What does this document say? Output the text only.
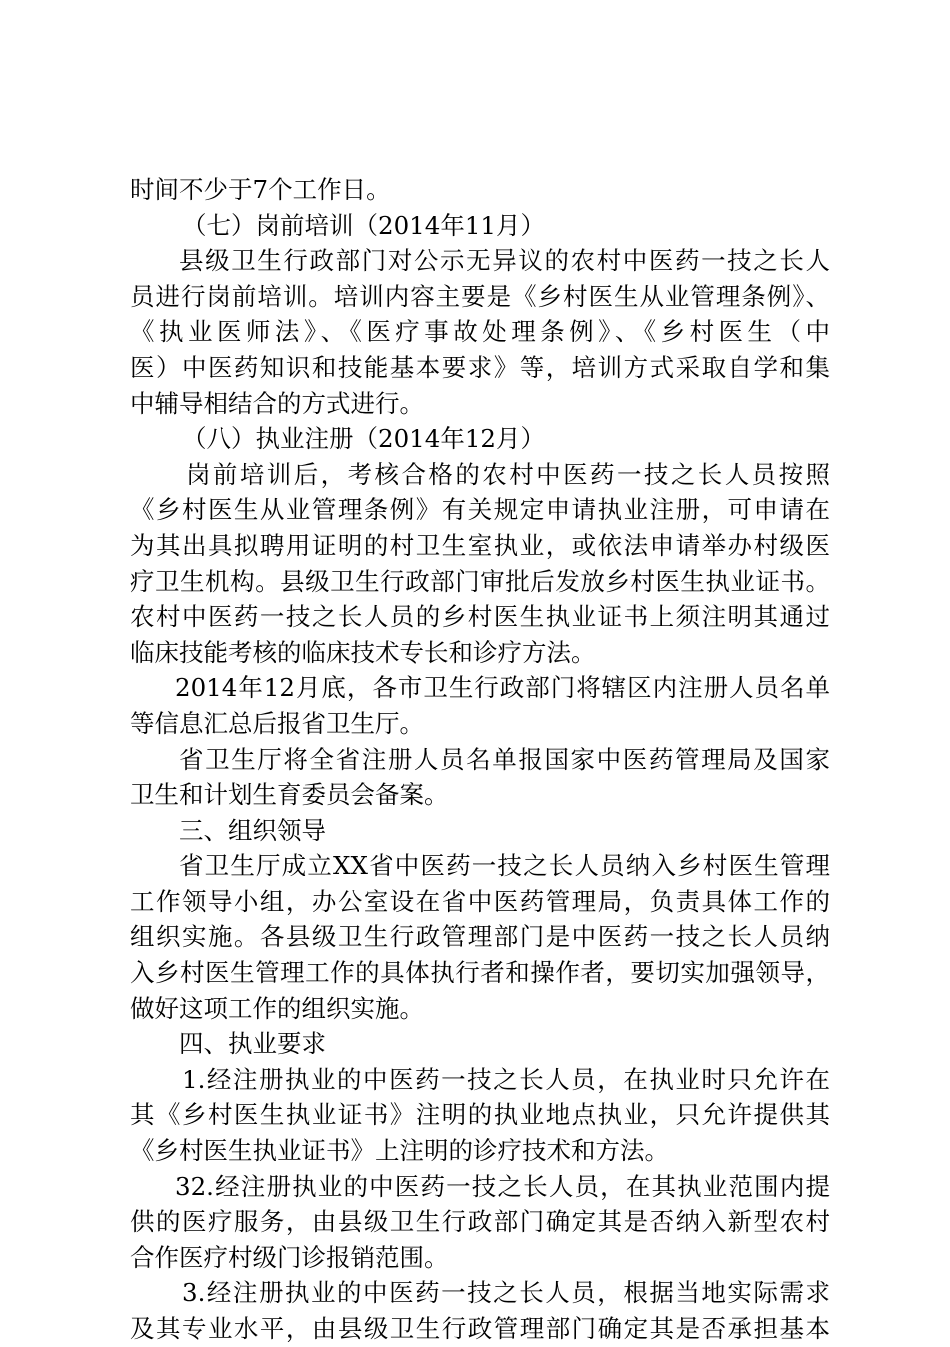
时间不少于7个工作日。
（七）岗前培训（2014年11月）
县级卫生行政部门对公示无异议的农村中医药一技之长人
员进行岗前培训。培训内容主要是《乡村医生从业管理条例》、
《执业医师法》、《医疗事故处理条例》、《乡村医生（中
医）中医药知识和技能基本要求》等，培训方式采取自学和集
中辅导相结合的方式进行。
（八）执业注册（2014年12月）
岗前培训后，考核合格的农村中医药一技之长人员按照
《乡村医生从业管理条例》有关规定申请执业注册，可申请在
为其出具拟聘用证明的村卫生室执业，或依法申请举办村级医
疗卫生机构。县级卫生行政部门审批后发放乡村医生执业证书。
农村中医药一技之长人员的乡村医生执业证书上须注明其通过
临床技能考核的临床技术专长和诊疗方法。
2014年12月底，各市卫生行政部门将辖区内注册人员名单
等信息汇总后报省卫生厅。
省卫生厅将全省注册人员名单报国家中医药管理局及国家
卫生和计划生育委员会备案。
三、组织领导
省卫生厅成立XX省中医药一技之长人员纳入乡村医生管理
工作领导小组，办公室设在省中医药管理局，负责具体工作的
组织实施。各县级卫生行政管理部门是中医药一技之长人员纳
入乡村医生管理工作的具体执行者和操作者，要切实加强领导，
做好这项工作的组织实施。
四、执业要求
1.经注册执业的中医药一技之长人员，在执业时只允许在
其《乡村医生执业证书》注明的执业地点执业，只允许提供其
《乡村医生执业证书》上注明的诊疗技术和方法。
32.经注册执业的中医药一技之长人员，在其执业范围内提
供的医疗服务，由县级卫生行政部门确定其是否纳入新型农村
合作医疗村级门诊报销范围。
3.经注册执业的中医药一技之长人员，根据当地实际需求
及其专业水平，由县级卫生行政管理部门确定其是否承担基本
